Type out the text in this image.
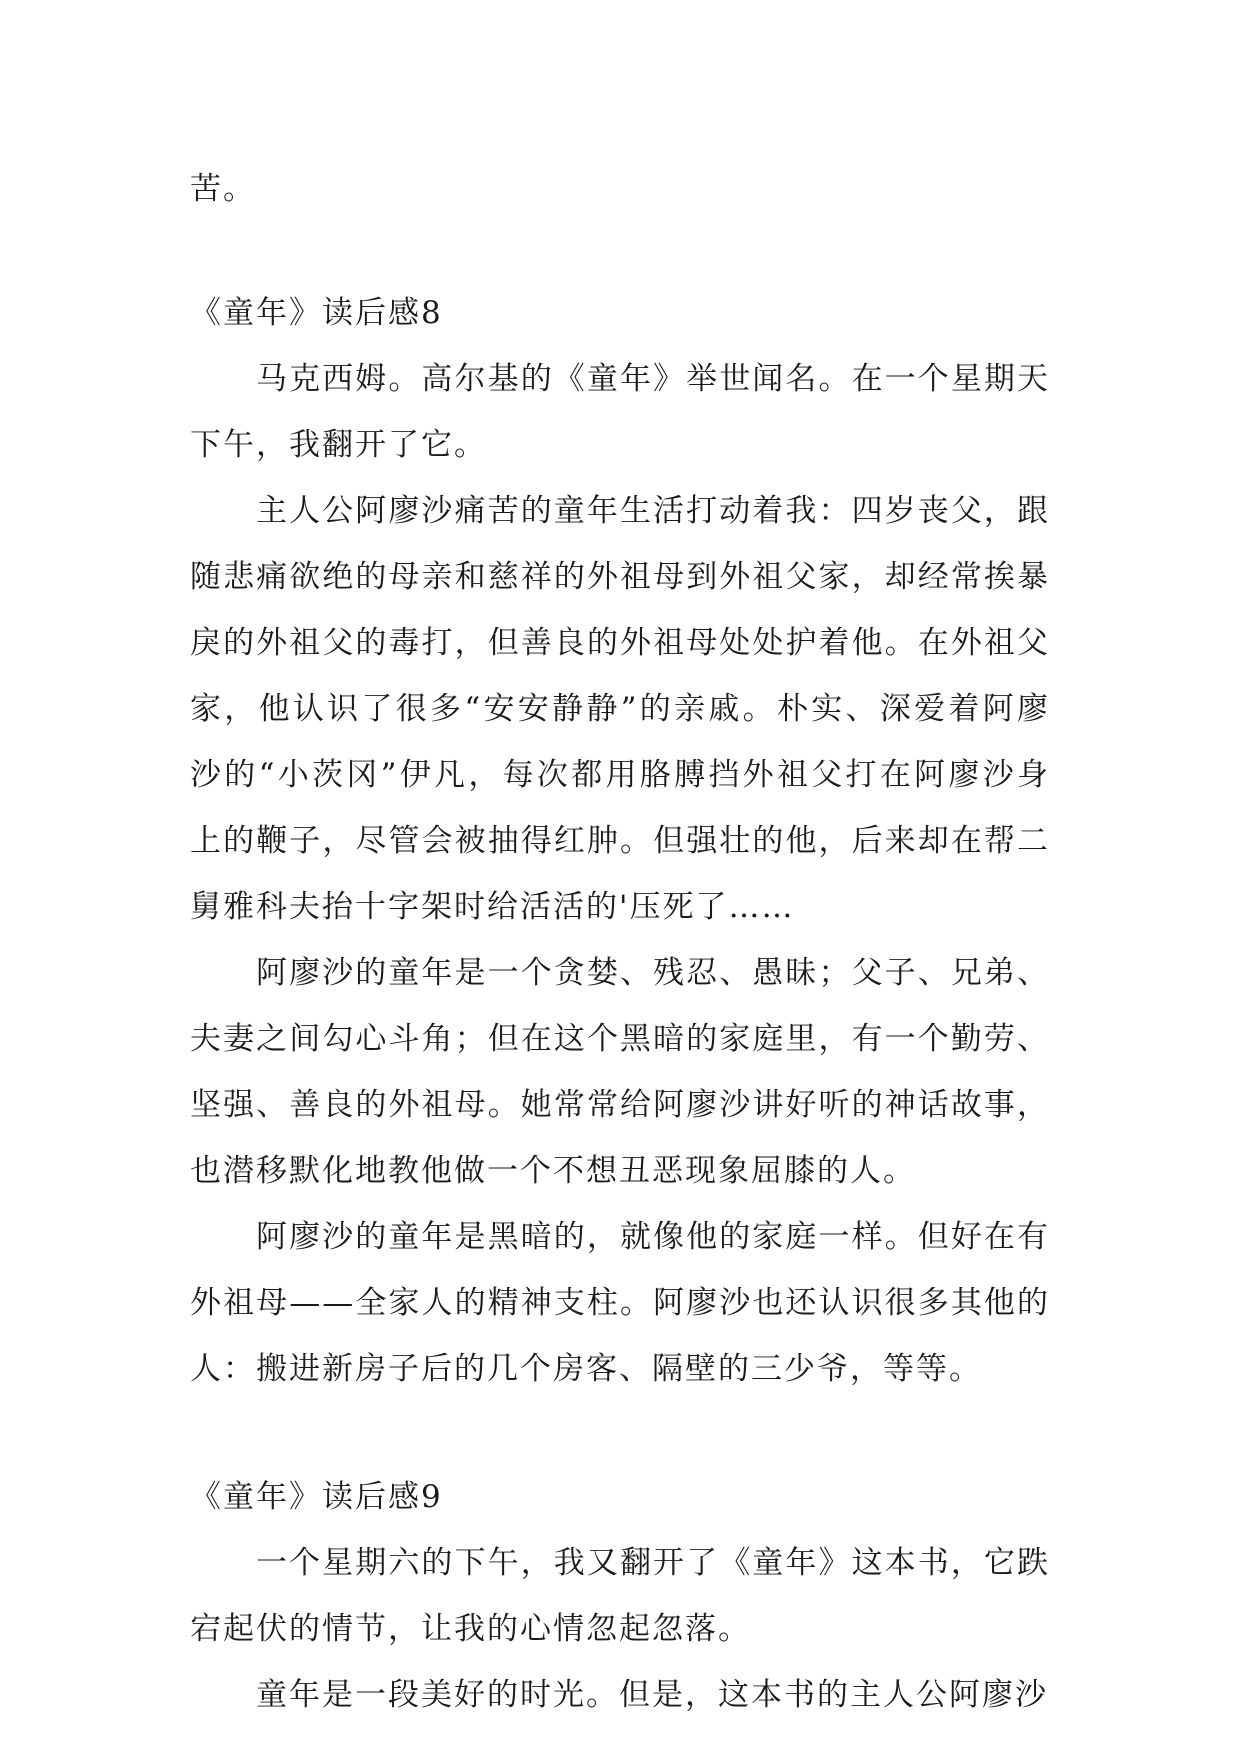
苦。

《童年》读后感8

马克西姆。高尔基的《童年》举世闻名。在一个星期天下午，我翻开了它。

主人公阿廖沙痛苦的童年生活打动着我：四岁丧父，跟随悲痛欲绝的母亲和慈祥的外祖母到外祖父家，却经常挨暴戾的外祖父的毒打，但善良的外祖母处处护着他。在外祖父家，他认识了很多“安安静静”的亲戚。朴实、深爱着阿廖沙的“小茨冈”伊凡，每次都用胳膊挡外祖父打在阿廖沙身上的鞭子，尽管会被抽得红肿。但强壮的他，后来却在帮二舅雅科夫抬十字架时给活活的'压死了……

阿廖沙的童年是一个贪婪、残忍、愚昧；父子、兄弟、夫妻之间勾心斗角；但在这个黑暗的家庭里，有一个勤劳、坚强、善良的外祖母。她常常给阿廖沙讲好听的神话故事，也潜移默化地教他做一个不想丑恶现象屈膝的人。

阿廖沙的童年是黑暗的，就像他的家庭一样。但好在有外祖母——全家人的精神支柱。阿廖沙也还认识很多其他的人：搬进新房子后的几个房客、隔壁的三少爷，等等。

《童年》读后感9

一个星期六的下午，我又翻开了《童年》这本书，它跌宕起伏的情节，让我的心情忽起忽落。

童年是一段美好的时光。但是，这本书的主人公阿廖沙
